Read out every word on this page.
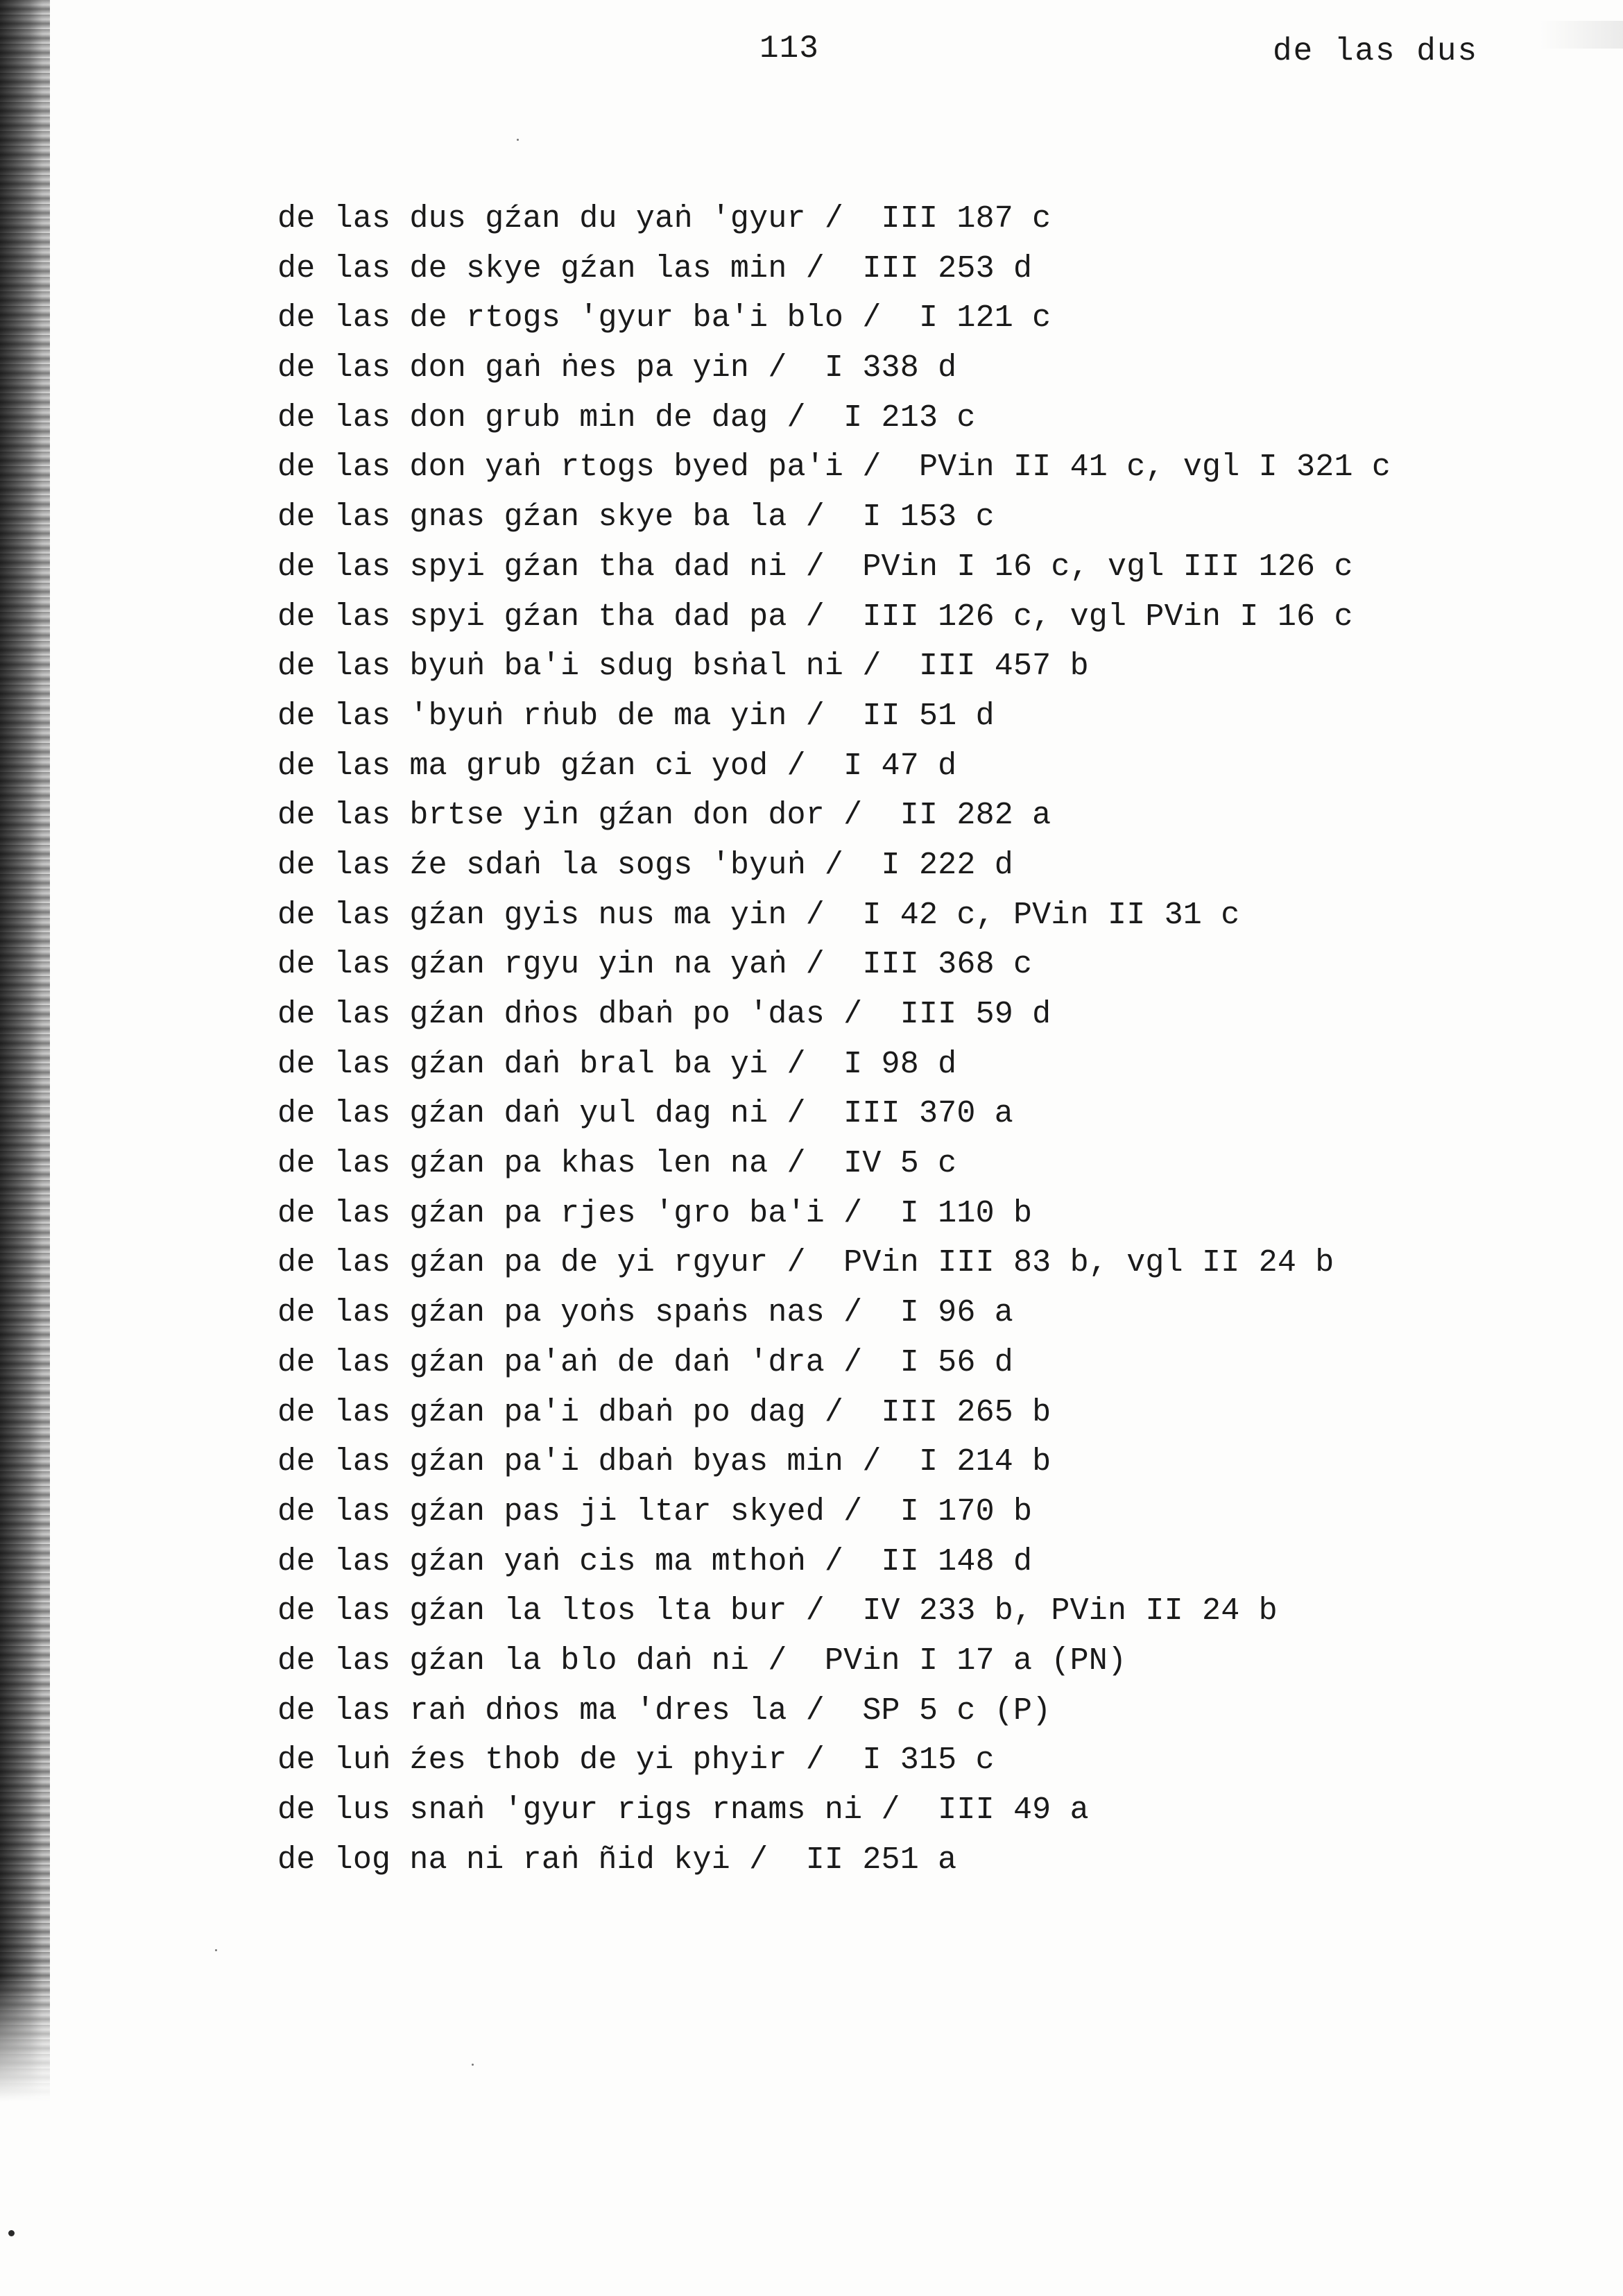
113	de las dus
de las dus gźan du yaṅ 'gyur /  III 187 c
de las de skye gźan las min /  III 253 d
de las de rtogs 'gyur ba'i blo /  I 121 c
de las don gaṅ ṅes pa yin /  I 338 d
de las don grub min de dag /  I 213 c
de las don yaṅ rtogs byed pa'i /  PVin II 41 c, vgl I 321 c
de las gnas gźan skye ba la /  I 153 c
de las spyi gźan tha dad ni /  PVin I 16 c, vgl III 126 c
de las spyi gźan tha dad pa /  III 126 c, vgl PVin I 16 c
de las byuṅ ba'i sdug bsṅal ni /  III 457 b
de las 'byuṅ rṅub de ma yin /  II 51 d
de las ma grub gźan ci yod /  I 47 d
de las brtse yin gźan don dor /  II 282 a
de las źe sdaṅ la sogs 'byuṅ /  I 222 d
de las gźan gyis nus ma yin /  I 42 c, PVin II 31 c
de las gźan rgyu yin na yaṅ /  III 368 c
de las gźan dṅos dbaṅ po 'das /  III 59 d
de las gźan daṅ bral ba yi /  I 98 d
de las gźan daṅ yul dag ni /  III 370 a
de las gźan pa khas len na /  IV 5 c
de las gźan pa rjes 'gro ba'i /  I 110 b
de las gźan pa de yi rgyur /  PVin III 83 b, vgl II 24 b
de las gźan pa yoṅs spaṅs nas /  I 96 a
de las gźan pa'aṅ de daṅ 'dra /  I 56 d
de las gźan pa'i dbaṅ po dag /  III 265 b
de las gźan pa'i dbaṅ byas min /  I 214 b
de las gźan pas ji ltar skyed /  I 170 b
de las gźan yaṅ cis ma mthoṅ /  II 148 d
de las gźan la ltos lta bur /  IV 233 b, PVin II 24 b
de las gźan la blo daṅ ni /  PVin I 17 a (PN)
de las raṅ dṅos ma 'dres la /  SP 5 c (P)
de luṅ źes thob de yi phyir /  I 315 c
de lus snaṅ 'gyur rigs rnams ni /  III 49 a
de log na ni raṅ ñid kyi /  II 251 a
